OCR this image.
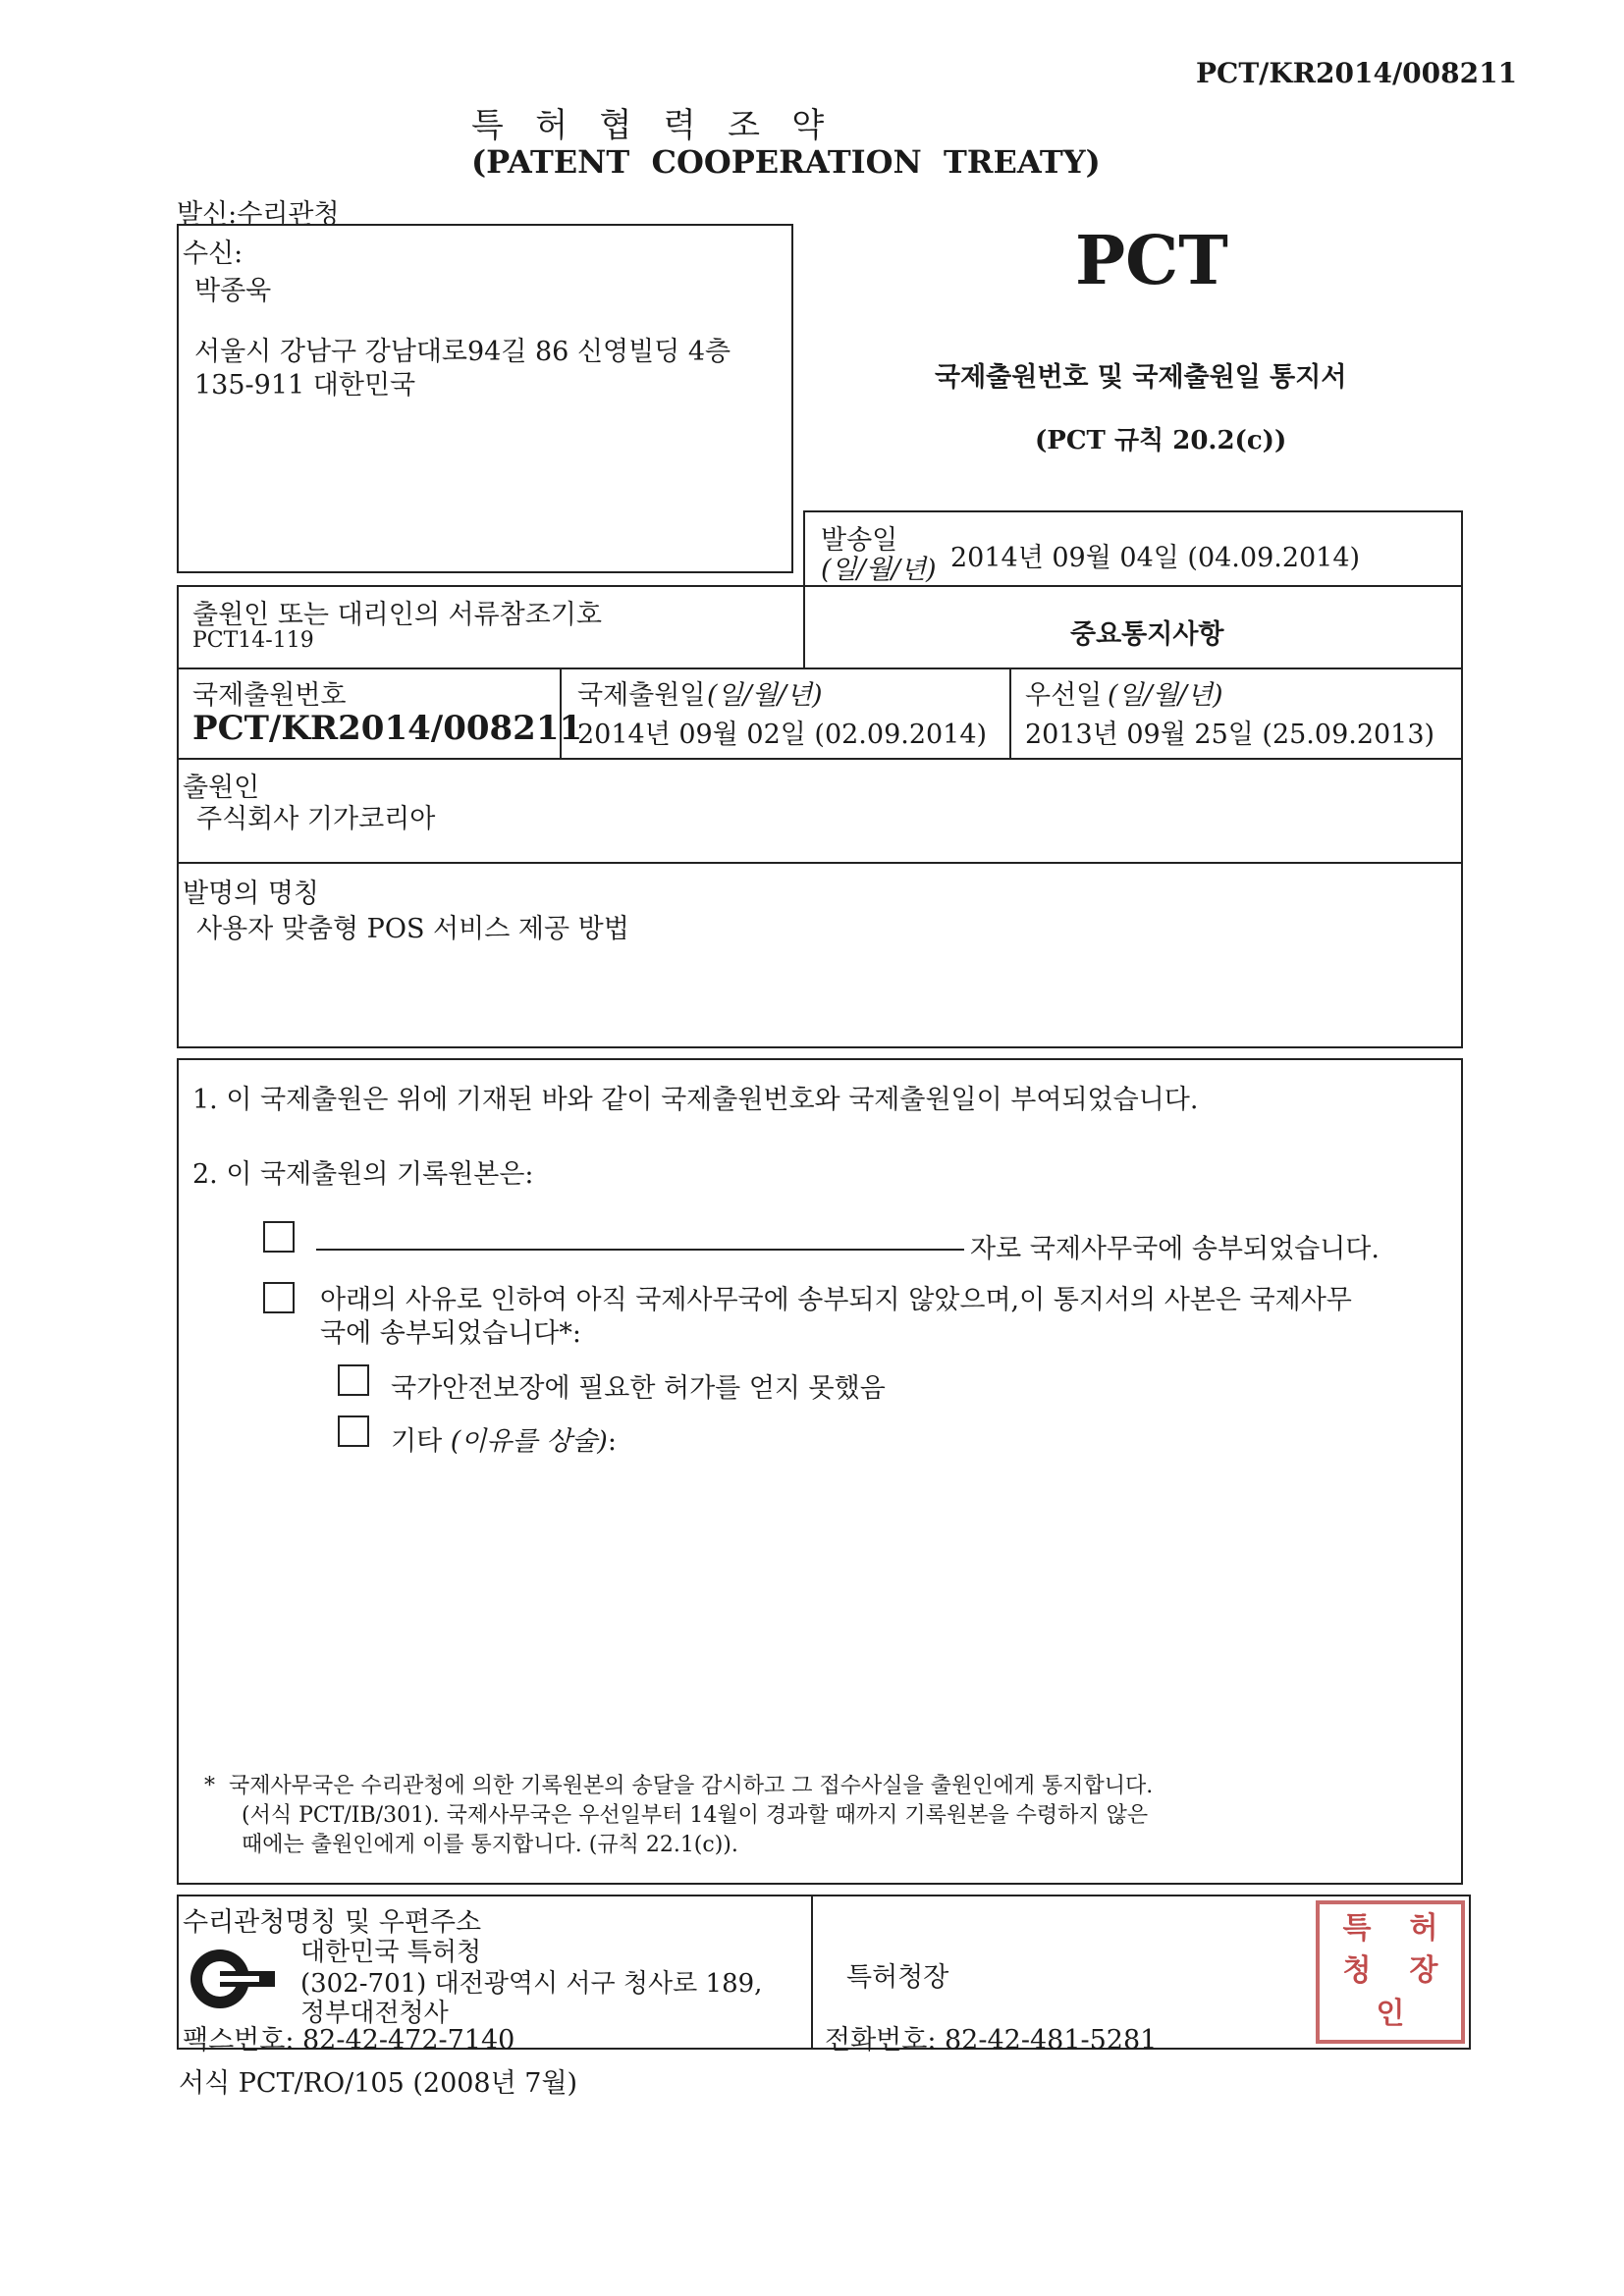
PCT/KR2014/008211
특   허   협   력   조   약
(PATENT  COOPERATION  TREATY)
발신:수리관청
수신:
박종욱
서울시 강남구 강남대로94길 86 신영빌딩 4층
135-911 대한민국
PCT
국제출원번호 및 국제출원일 통지서
(PCT 규칙 20.2(c))
발송일
(일/월/년) 2014년 09월 04일 (04.09.2014)
출원인 또는 대리인의 서류참조기호
PCT14-119	중요통지사항
국제출원번호
PCT/KR2014/008211
국제출원일 (일/월/년)
2014년 09월 02일 (02.09.2014)
우선일 (일/월/년)
2013년 09월 25일 (25.09.2013)
출원인
주식회사 기가코리아
발명의 명칭
사용자 맞춤형 POS 서비스 제공 방법
1. 이 국제출원은 위에 기재된 바와 같이 국제출원번호와 국제출원일이 부여되었습니다.
2. 이 국제출원의 기록원본은:
자로 국제사무국에 송부되었습니다.
아래의 사유로 인하여 아직 국제사무국에 송부되지 않았으며,이 통지서의 사본은 국제사무
국에 송부되었습니다*:
국가안전보장에 필요한 허가를 얻지 못했음
기타 (이유를 상술):
*  국제사무국은 수리관청에 의한 기록원본의 송달을 감시하고 그 접수사실을 출원인에게 통지합니다.
(서식 PCT/IB/301). 국제사무국은 우선일부터 14월이 경과할 때까지 기록원본을 수령하지 않은
때에는 출원인에게 이를 통지합니다. (규칙 22.1(c)).
수리관청명칭 및 우편주소
대한민국 특허청
(302-701) 대전광역시 서구 청사로 189,
정부대전청사
팩스번호: 82-42-472-7140
특허청장
전화번호: 82-42-481-5281
특	허
청	장
인
서식 PCT/RO/105 (2008년 7월)
